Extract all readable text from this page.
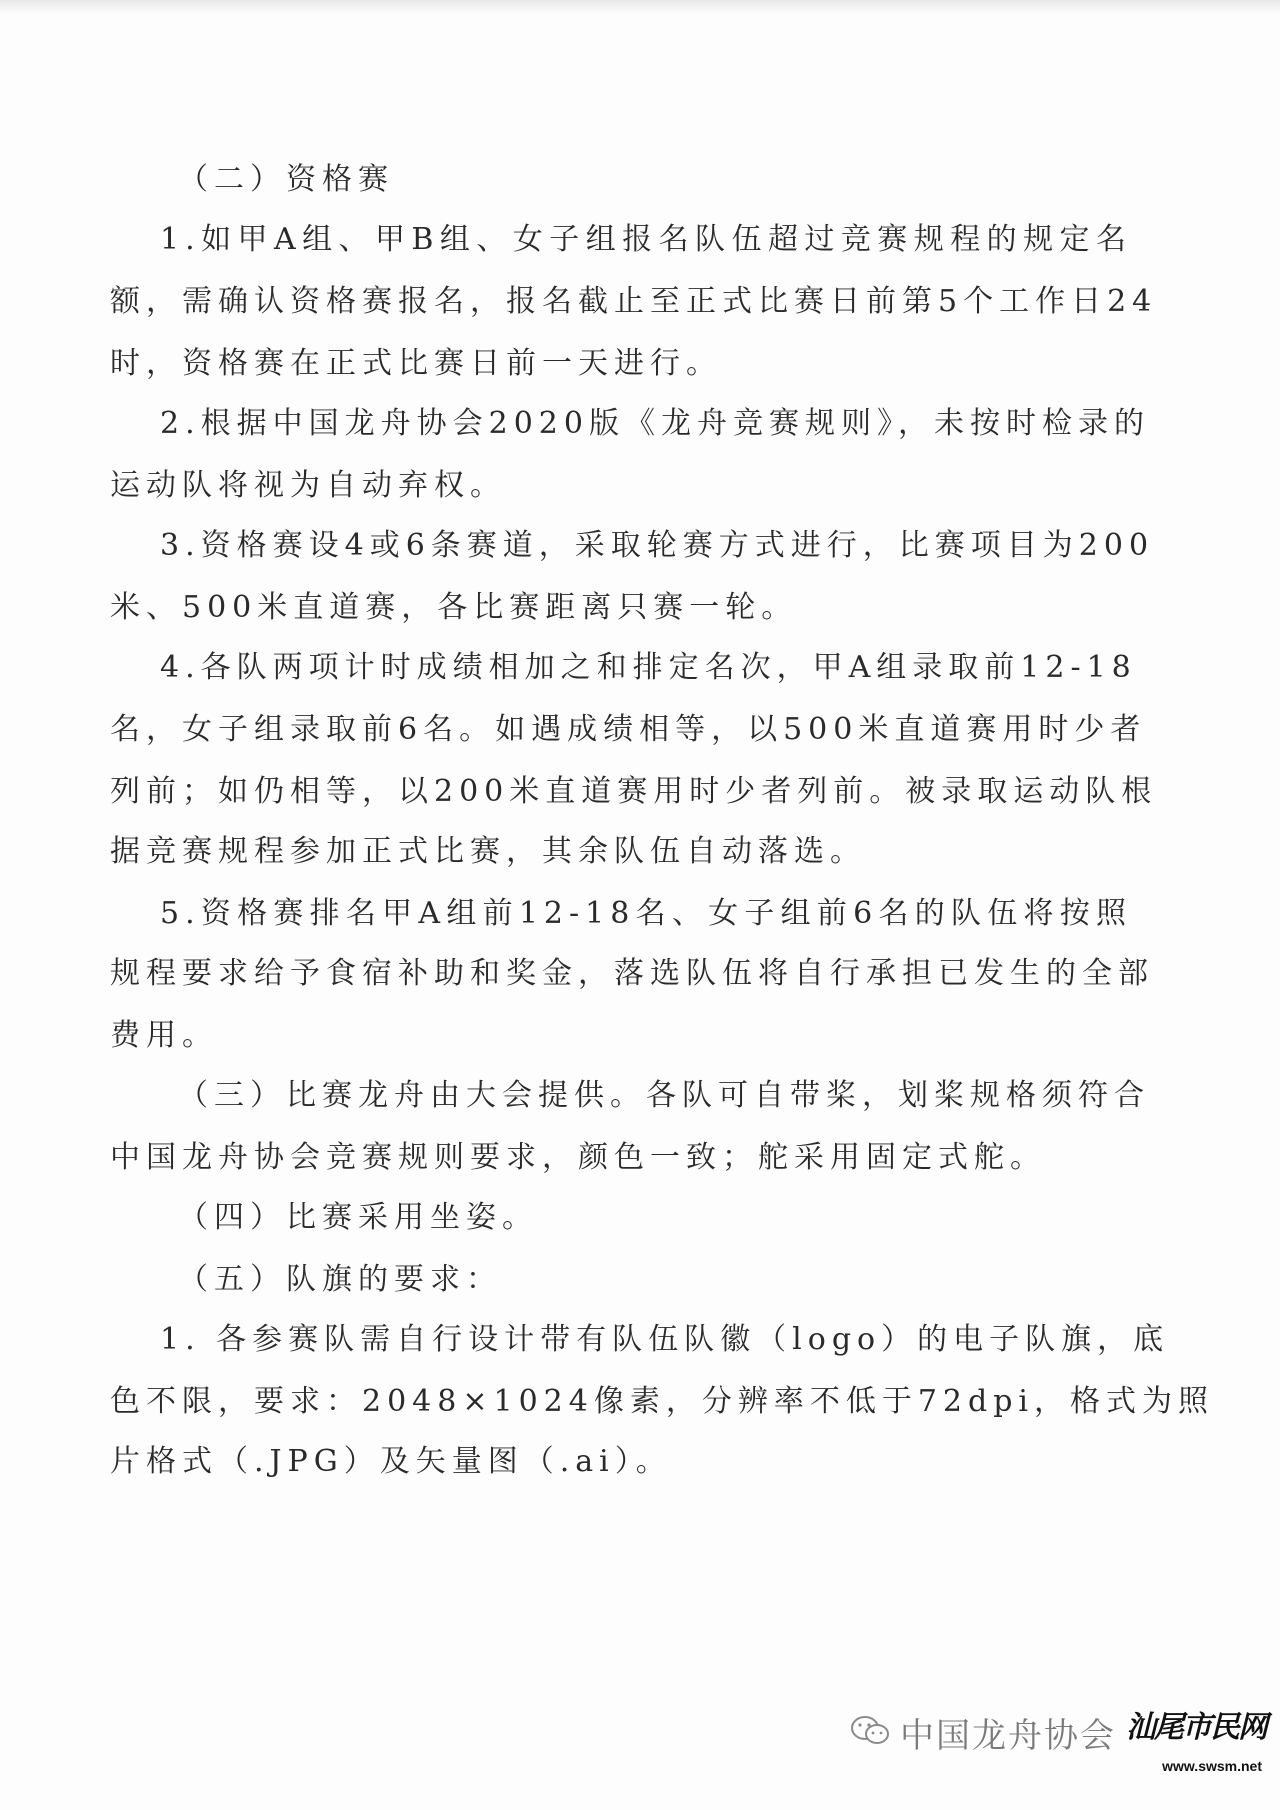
（二）资格赛
1.如甲A组、甲B组、女子组报名队伍超过竞赛规程的规定名
额，需确认资格赛报名，报名截止至正式比赛日前第5个工作日24
时，资格赛在正式比赛日前一天进行。
2.根据中国龙舟协会2020版《龙舟竞赛规则》，未按时检录的
运动队将视为自动弃权。
3.资格赛设4或6条赛道，采取轮赛方式进行，比赛项目为200
米、500米直道赛，各比赛距离只赛一轮。
4.各队两项计时成绩相加之和排定名次，甲A组录取前12-18
名，女子组录取前6名。如遇成绩相等，以500米直道赛用时少者
列前；如仍相等，以200米直道赛用时少者列前。被录取运动队根
据竞赛规程参加正式比赛，其余队伍自动落选。
5.资格赛排名甲A组前12-18名、女子组前6名的队伍将按照
规程要求给予食宿补助和奖金，落选队伍将自行承担已发生的全部
费用。
（三）比赛龙舟由大会提供。各队可自带桨，划桨规格须符合
中国龙舟协会竞赛规则要求，颜色一致；舵采用固定式舵。
（四）比赛采用坐姿。
（五）队旗的要求：
1. 各参赛队需自行设计带有队伍队徽（logo）的电子队旗，底
色不限，要求：2048×1024像素，分辨率不低于72dpi，格式为照
片格式（.JPG）及矢量图（.ai）。
中国龙舟协会 汕尾市民网
www.swsm.net
